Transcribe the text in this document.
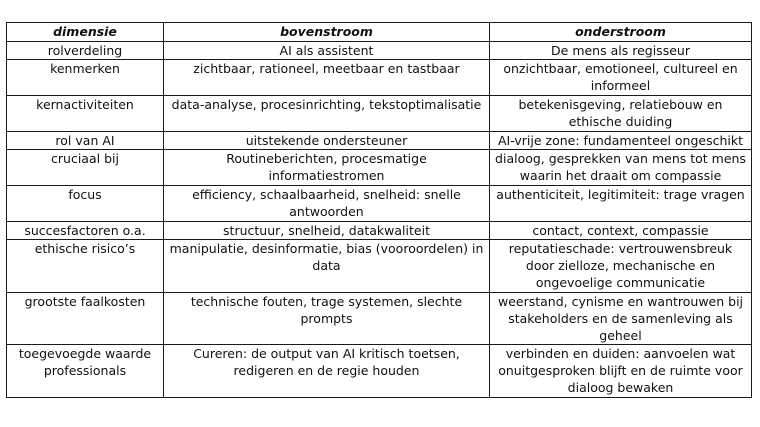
dimensie	bovenstroom	onderstroom
rolverdeling	AI als assistent	De mens als regisseur
kenmerken	zichtbaar, rationeel, meetbaar en tastbaar	onzichtbaar, emotioneel, cultureel en informeel
kernactiviteiten	data-analyse, procesinrichting, tekstoptimalisatie	betekenisgeving, relatiebouw en ethische duiding
rol van AI	uitstekende ondersteuner	AI-vrije zone: fundamenteel ongeschikt
cruciaal bij	Routineberichten, procesmatige informatiestromen	dialoog, gesprekken van mens tot mens waarin het draait om compassie
focus	efficiency, schaalbaarheid, snelheid: snelle antwoorden	authenticiteit, legitimiteit: trage vragen
succesfactoren o.a.	structuur, snelheid, datakwaliteit	contact, context, compassie
ethische risico’s	manipulatie, desinformatie, bias (vooroordelen) in data	reputatieschade: vertrouwensbreuk door zielloze, mechanische en ongevoelige communicatie
grootste faalkosten	technische fouten, trage systemen, slechte prompts	weerstand, cynisme en wantrouwen bij stakeholders en de samenleving als geheel
toegevoegde waarde professionals	Cureren: de output van AI kritisch toetsen, redigeren en de regie houden	verbinden en duiden: aanvoelen wat onuitgesproken blijft en de ruimte voor dialoog bewaken
